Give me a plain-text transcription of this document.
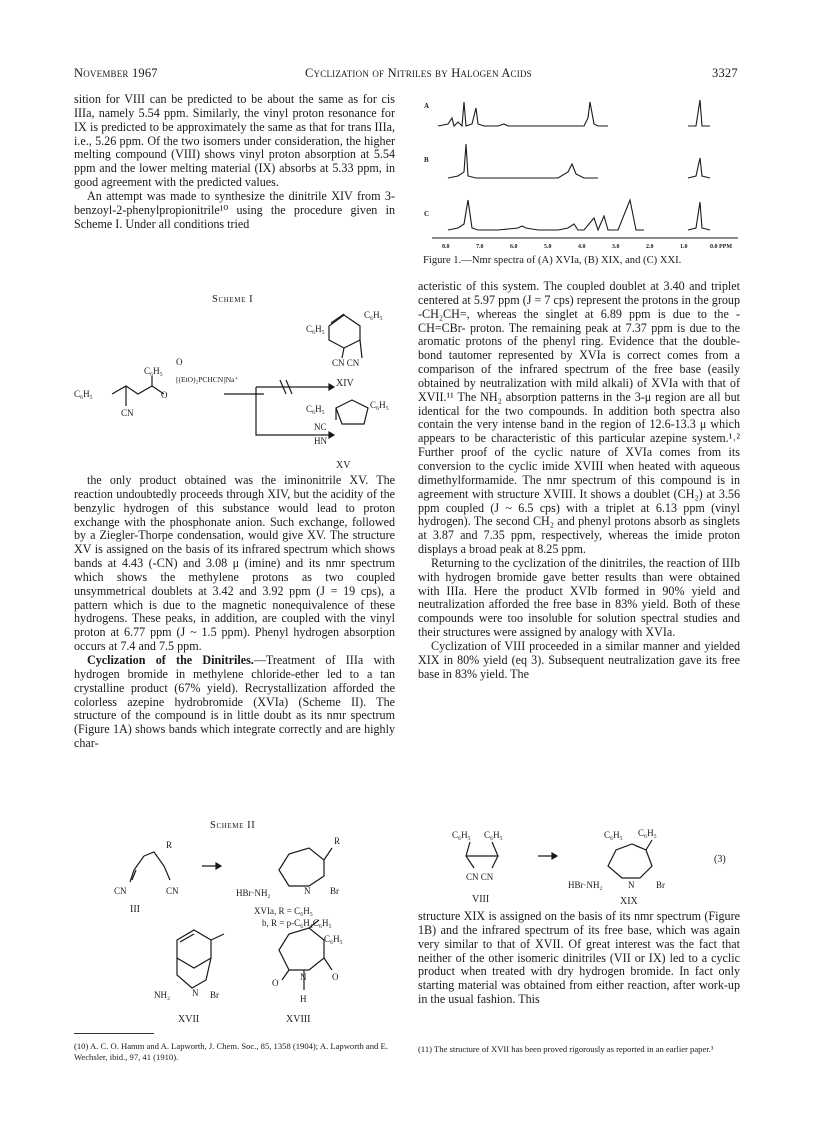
November 1967	Cyclization of Nitriles by Halogen Acids	3327

sition for VIII can be predicted to be about the same as for cis IIIa, namely 5.54 ppm. Similarly, the vinyl proton resonance for IX is predicted to be approximately the same as that for trans IIIa, i.e., 5.26 ppm. Of the two isomers under consideration, the higher melting compound (VIII) shows vinyl proton absorption at 5.54 ppm and the lower melting material (IX) absorbs at 5.33 ppm, in good agreement with the predicted values.

An attempt was made to synthesize the dinitrile XIV from 3-benzoyl-2-phenylpropionitrile¹⁰ using the procedure given in Scheme I. Under all conditions tried

Scheme I
C₆H₅
C₆H₅
CN
O
O
[(EtO)₂PCHCN]Na⁺
C₆H₅
C₆H₅
CN CN
XIV
C₆H₅	C₆H₅
NC
HN
XV

the only product obtained was the iminonitrile XV. The reaction undoubtedly proceeds through XIV, but the acidity of the benzylic hydrogen of this substance would lead to proton exchange with the phosphonate anion. Such exchange, followed by a Ziegler-Thorpe condensation, would give XV. The structure XV is assigned on the basis of its infrared spectrum which shows bands at 4.43 (-CN) and 3.08 μ (imine) and its nmr spectrum which shows the methylene protons as two coupled unsymmetrical doublets at 3.42 and 3.92 ppm (J = 19 cps), a pattern which is due to the magnetic nonequivalence of these hydrogens. These peaks, in addition, are coupled with the vinyl proton at 6.77 ppm (J ~ 1.5 ppm). Phenyl hydrogen absorption occurs at 7.4 and 7.5 ppm.

Cyclization of the Dinitriles.—Treatment of IIIa with hydrogen bromide in methylene chloride-ether led to a tan crystalline product (67% yield). Recrystallization afforded the colorless azepine hydrobromide (XVIa) (Scheme II). The structure of the compound is in little doubt as its nmr spectrum (Figure 1A) shows bands which integrate correctly and are highly char-

Scheme II
R	R
CN	CN	HBr·NH₂	N Br
III	XVIa, R = C₆H₅
b, R = p-C₆H₄C₆H₅
C₆H₅
NH₂ N Br
XVII
O
O
N
H
XVIII
(10) A. C. O. Hamm and A. Lapworth, J. Chem. Soc., 85, 1358 (1904); A. Lapworth and E. Wechsler, ibid., 97, 41 (1910).
A
B
C
8.0	7.0	6.0	5.0	4.0	3.0	2.0	1.0	0.0 PPM
Figure 1.—Nmr spectra of (A) XVIa, (B) XIX, and (C) XXI.

acteristic of this system. The coupled doublet at 3.40 and triplet centered at 5.97 ppm (J = 7 cps) represent the protons in the group -CH₂CH=, whereas the singlet at 6.89 ppm is due to the -CH=CBr- proton. The remaining peak at 7.37 ppm is due to the aromatic protons of the phenyl ring. Evidence that the double-bond tautomer represented by XVIa is correct comes from a comparison of the infrared spectrum of the free base (easily obtained by neutralization with mild alkali) of XVIa with that of XVII.¹¹ The NH₂ absorption patterns in the 3-μ region are all but identical for the two compounds. In addition both spectra also contain the very intense band in the region of 12.6-13.3 μ which appears to be characteristic of this particular azepine system.¹˒² Further proof of the cyclic nature of XVIa comes from its conversion to the cyclic imide XVIII when heated with aqueous dimethylformamide. The nmr spectrum of this compound is in agreement with structure XVIII. It shows a doublet (CH₂) at 3.56 ppm coupled (J ~ 6.5 cps) with a triplet at 6.13 ppm (vinyl hydrogen). The second CH₂ and phenyl protons absorb as singlets at 3.87 and 7.35 ppm, respectively, whereas the imide proton displays a broad peak at 8.25 ppm.

Returning to the cyclization of the dinitriles, the reaction of IIIb with hydrogen bromide gave better results than were obtained with IIIa. Here the product XVIb formed in 90% yield and neutralization afforded the free base in 83% yield. Both of these compounds were too insoluble for solution spectral studies and their structures were assigned by analogy with XVIa.

Cyclization of VIII proceeded in a similar manner and yielded XIX in 80% yield (eq 3). Subsequent neutralization gave its free base in 83% yield. The

C₆H₅ C₆H₅	C₆H₅ C₆H₅
CN CN
HBr·NH₂	N Br
VIII	XIX
(3)

structure XIX is assigned on the basis of its nmr spectrum (Figure 1B) and the infrared spectrum of its free base, which was again very similar to that of XVII. Of great interest was the fact that neither of the other isomeric dinitriles (VII or IX) led to a cyclic product when treated with dry hydrogen bromide. In fact only starting material was obtained from either reaction, after work-up in the usual fashion. This

(11) The structure of XVII has been proved rigorously as reported in an earlier paper.³
